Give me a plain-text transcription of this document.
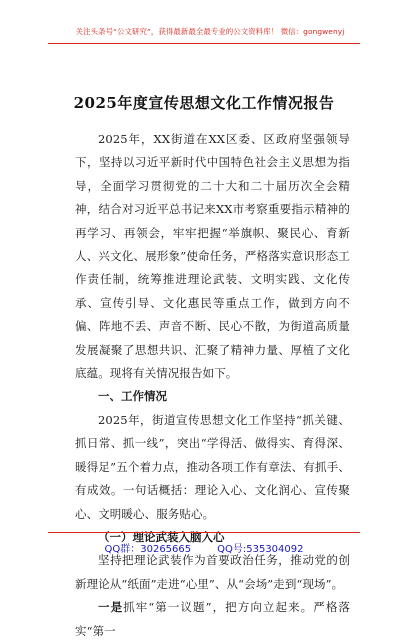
关注头条号“公文研究”，获得最新最全最专业的公文资料库！ 微信：gongwenyj
2025年度宣传思想文化工作情况报告

2025年，XX街道在XX区委、区政府坚强领导下，坚持以习近平新时代中国特色社会主义思想为指导，全面学习贯彻党的二十大和二十届历次全会精神，结合对习近平总书记来XX市考察重要指示精神的再学习、再领会，牢牢把握“举旗帜、聚民心、育新人、兴文化、展形象”使命任务，严格落实意识形态工作责任制，统筹推进理论武装、文明实践、文化传承、宣传引导、文化惠民等重点工作，做到方向不偏、阵地不丢、声音不断、民心不散，为街道高质量发展凝聚了思想共识、汇聚了精神力量、厚植了文化底蕴。现将有关情况报告如下。

一、工作情况

2025年，街道宣传思想文化工作坚持“抓关键、抓日常、抓一线”，突出“学得活、做得实、育得深、暖得足”五个着力点，推动各项工作有章法、有抓手、有成效。一句话概括：理论入心、文化润心、宣传聚心、文明暖心、服务贴心。

（一）理论武装入脑入心

坚持把理论武装作为首要政治任务，推动党的创新理论从“纸面”走进“心里”、从“会场”走到“现场”。

一是抓牢“第一议题”，把方向立起来。严格落实“第一

QQ群：30265665	QQ号:535304092
